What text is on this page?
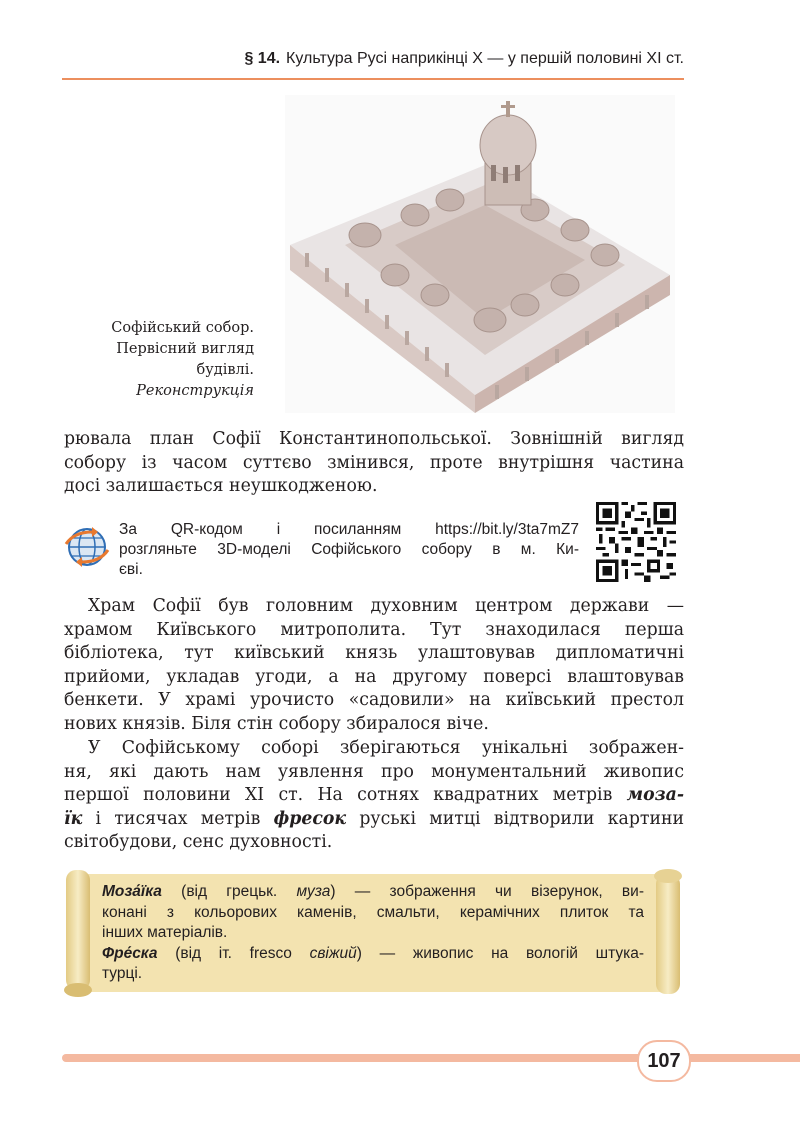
§ 14. Культура Русі наприкінці X — у першій половині XI ст.
Софійський собор.
Первісний вигляд
будівлі.
Реконструкція
рювала план Софії Константинопольської. Зовнішній вигляд
собору із часом суттєво змінився, проте внутрішня частина
досі залишається неушкодженою.
За QR-кодом і посиланням https://bit.ly/3ta7mZ7
розгляньте 3D-моделі Софійського собору в м. Ки-
єві.
Храм Софії був головним духовним центром держави —
храмом Київського митрополита. Тут знаходилася перша
бібліотека, тут київський князь улаштовував дипломатичні
прийоми, укладав угоди, а на другому поверсі влаштовував
бенкети. У храмі урочисто «садовили» на київський престол
нових князів. Біля стін собору збиралося віче.
У Софійському соборі зберігаються унікальні зображен-
ня, які дають нам уявлення про монументальний живопис
першої половини XI ст. На сотнях квадратних метрів моза-
їк і тисячах метрів фресок руські митці відтворили картини
світобудови, сенс духовності.
Моза́їка (від грецьк. муза) — зображення чи візерунок, ви-
конані з кольорових каменів, смальти, керамічних плиток та
інших матеріалів.
Фре́ска (від іт. fresco свіжий) — живопис на вологій штука-
турці.
107
